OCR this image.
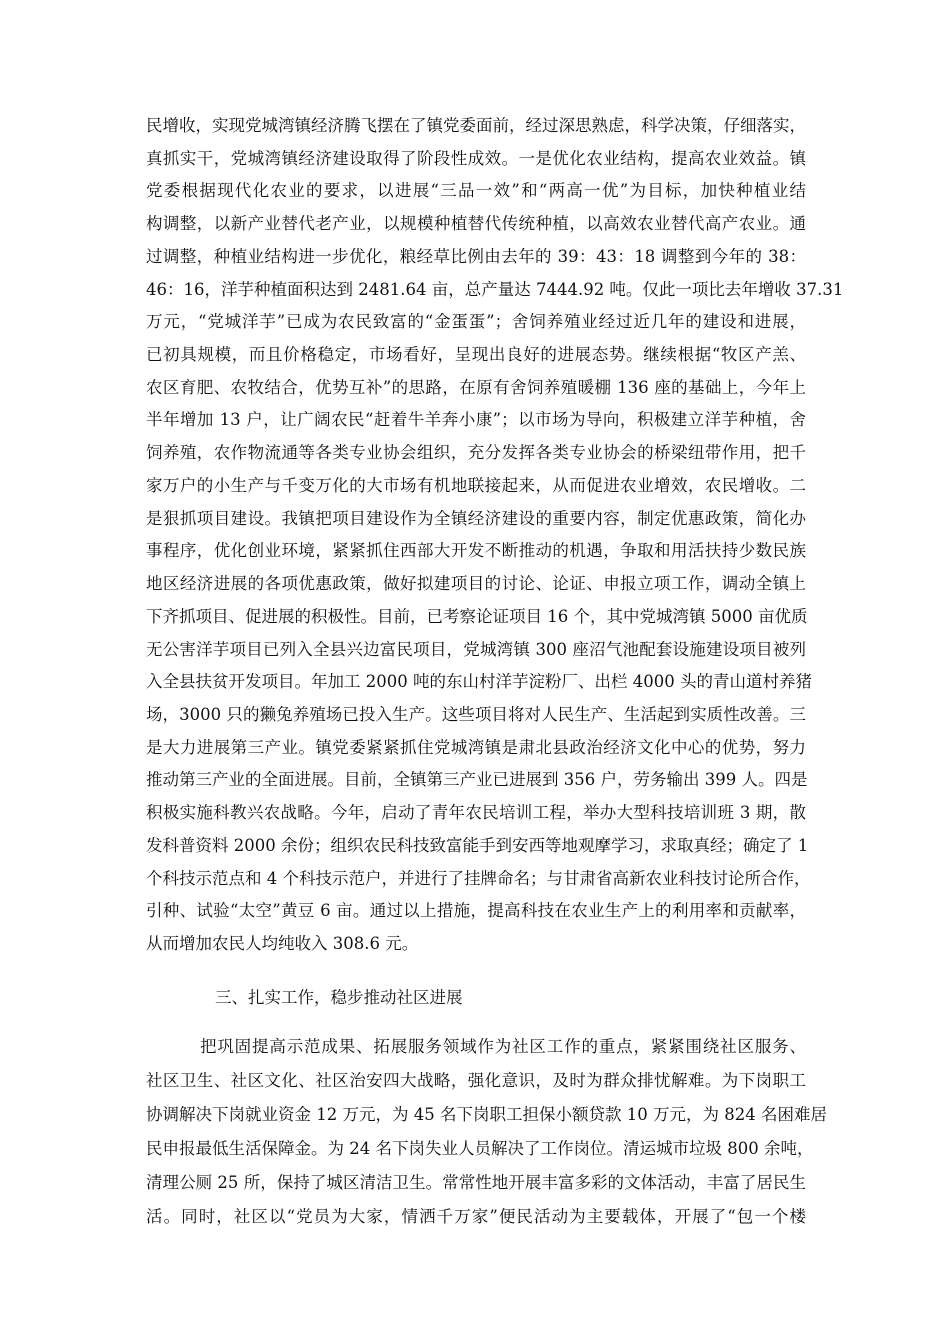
民增收，实现党城湾镇经济腾飞摆在了镇党委面前，经过深思熟虑，科学决策，仔细落实，
真抓实干，党城湾镇经济建设取得了阶段性成效。一是优化农业结构，提高农业效益。镇
党委根据现代化农业的要求，以进展“三品一效”和“两高一优”为目标，加快种植业结
构调整，以新产业替代老产业，以规模种植替代传统种植，以高效农业替代高产农业。通
过调整，种植业结构进一步优化，粮经草比例由去年的 39：43：18 调整到今年的 38：
46：16，洋芋种植面积达到 2481.64 亩，总产量达 7444.92 吨。仅此一项比去年增收 37.31
万元，“党城洋芋”已成为农民致富的“金蛋蛋”；舍饲养殖业经过近几年的建设和进展，
已初具规模，而且价格稳定，市场看好，呈现出良好的进展态势。继续根据“牧区产羔、
农区育肥、农牧结合，优势互补”的思路，在原有舍饲养殖暖棚 136 座的基础上，今年上
半年增加 13 户，让广阔农民“赶着牛羊奔小康”；以市场为导向，积极建立洋芋种植，舍
饲养殖，农作物流通等各类专业协会组织，充分发挥各类专业协会的桥梁纽带作用，把千
家万户的小生产与千变万化的大市场有机地联接起来，从而促进农业增效，农民增收。二
是狠抓项目建设。我镇把项目建设作为全镇经济建设的重要内容，制定优惠政策，简化办
事程序，优化创业环境，紧紧抓住西部大开发不断推动的机遇，争取和用活扶持少数民族
地区经济进展的各项优惠政策，做好拟建项目的讨论、论证、申报立项工作，调动全镇上
下齐抓项目、促进展的积极性。目前，已考察论证项目 16 个，其中党城湾镇 5000 亩优质
无公害洋芋项目已列入全县兴边富民项目，党城湾镇 300 座沼气池配套设施建设项目被列
入全县扶贫开发项目。年加工 2000 吨的东山村洋芋淀粉厂、出栏 4000 头的青山道村养猪
场，3000 只的獭兔养殖场已投入生产。这些项目将对人民生产、生活起到实质性改善。三
是大力进展第三产业。镇党委紧紧抓住党城湾镇是肃北县政治经济文化中心的优势，努力
推动第三产业的全面进展。目前，全镇第三产业已进展到 356 户，劳务输出 399 人。四是
积极实施科教兴农战略。今年，启动了青年农民培训工程，举办大型科技培训班 3 期，散
发科普资料 2000 余份；组织农民科技致富能手到安西等地观摩学习，求取真经；确定了 1
个科技示范点和 4 个科技示范户，并进行了挂牌命名；与甘肃省高新农业科技讨论所合作，
引种、试验“太空”黄豆 6 亩。通过以上措施，提高科技在农业生产上的利用率和贡献率，
从而增加农民人均纯收入 308.6 元。
三、扎实工作，稳步推动社区进展
把巩固提高示范成果、拓展服务领域作为社区工作的重点，紧紧围绕社区服务、
社区卫生、社区文化、社区治安四大战略，强化意识，及时为群众排忧解难。为下岗职工
协调解决下岗就业资金 12 万元，为 45 名下岗职工担保小额贷款 10 万元，为 824 名困难居
民申报最低生活保障金。为 24 名下岗失业人员解决了工作岗位。清运城市垃圾 800 余吨，
清理公厕 25 所，保持了城区清洁卫生。常常性地开展丰富多彩的文体活动，丰富了居民生
活。同时，社区以“党员为大家，情洒千万家”便民活动为主要载体，开展了“包一个楼
